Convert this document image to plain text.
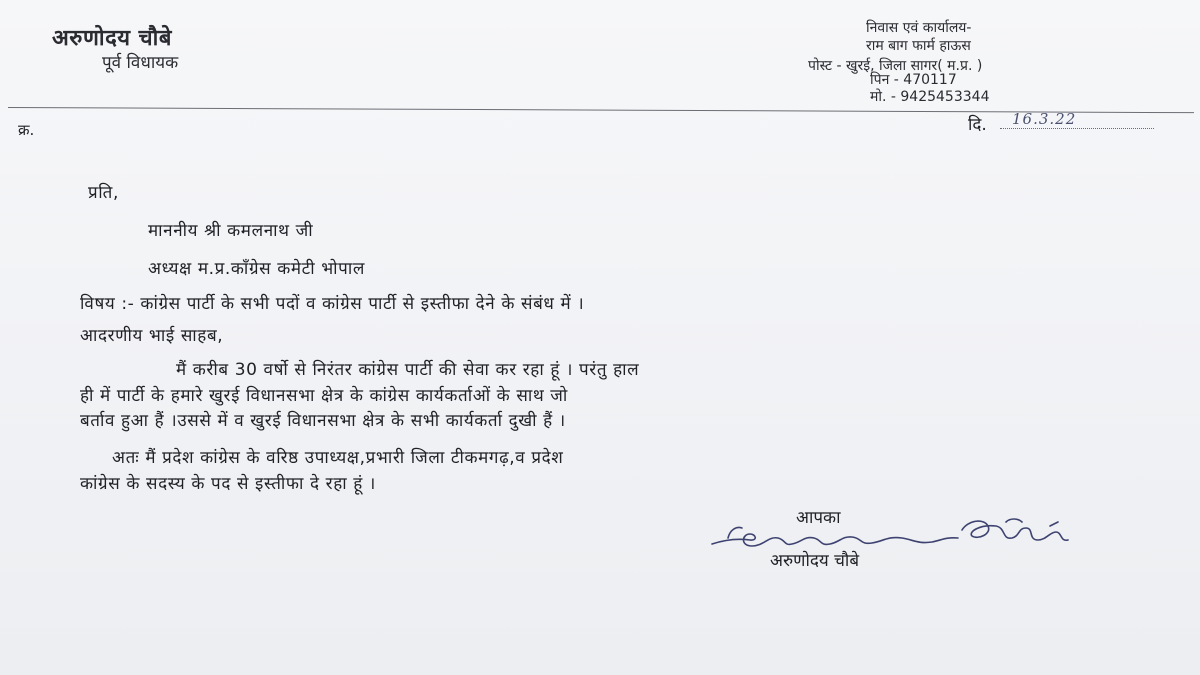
अरुणोदय चौबे
पूर्व विधायक
निवास एवं कार्यालय-
राम बाग फार्म हाऊस
पोस्ट - खुरई, जिला सागर( म.प्र. )
पिन - 470117
मो. - 9425453344
क्र.	दि. 16.3.22
प्रति,
माननीय श्री कमलनाथ जी
अध्यक्ष म.प्र.कॉंग्रेस कमेटी भोपाल
विषय :- कांग्रेस पार्टी के सभी पदों व कांग्रेस पार्टी से इस्तीफा देने के संबंध में ।
आदरणीय भाई साहब,
मैं करीब 30 वर्षो से निरंतर कांग्रेस पार्टी की सेवा कर रहा हूं । परंतु हाल
ही में पार्टी के हमारे खुरई विधानसभा क्षेत्र के कांग्रेस कार्यकर्ताओं के साथ जो
बर्ताव हुआ हैं ।उससे में व खुरई विधानसभा क्षेत्र के सभी कार्यकर्ता दुखी हैं ।
अतः मैं प्रदेश कांग्रेस के वरिष्ठ उपाध्यक्ष,प्रभारी जिला टीकमगढ़,व प्रदेश
कांग्रेस के सदस्य के पद से इस्तीफा दे रहा हूं ।
आपका
अरुणोदय चौबे
